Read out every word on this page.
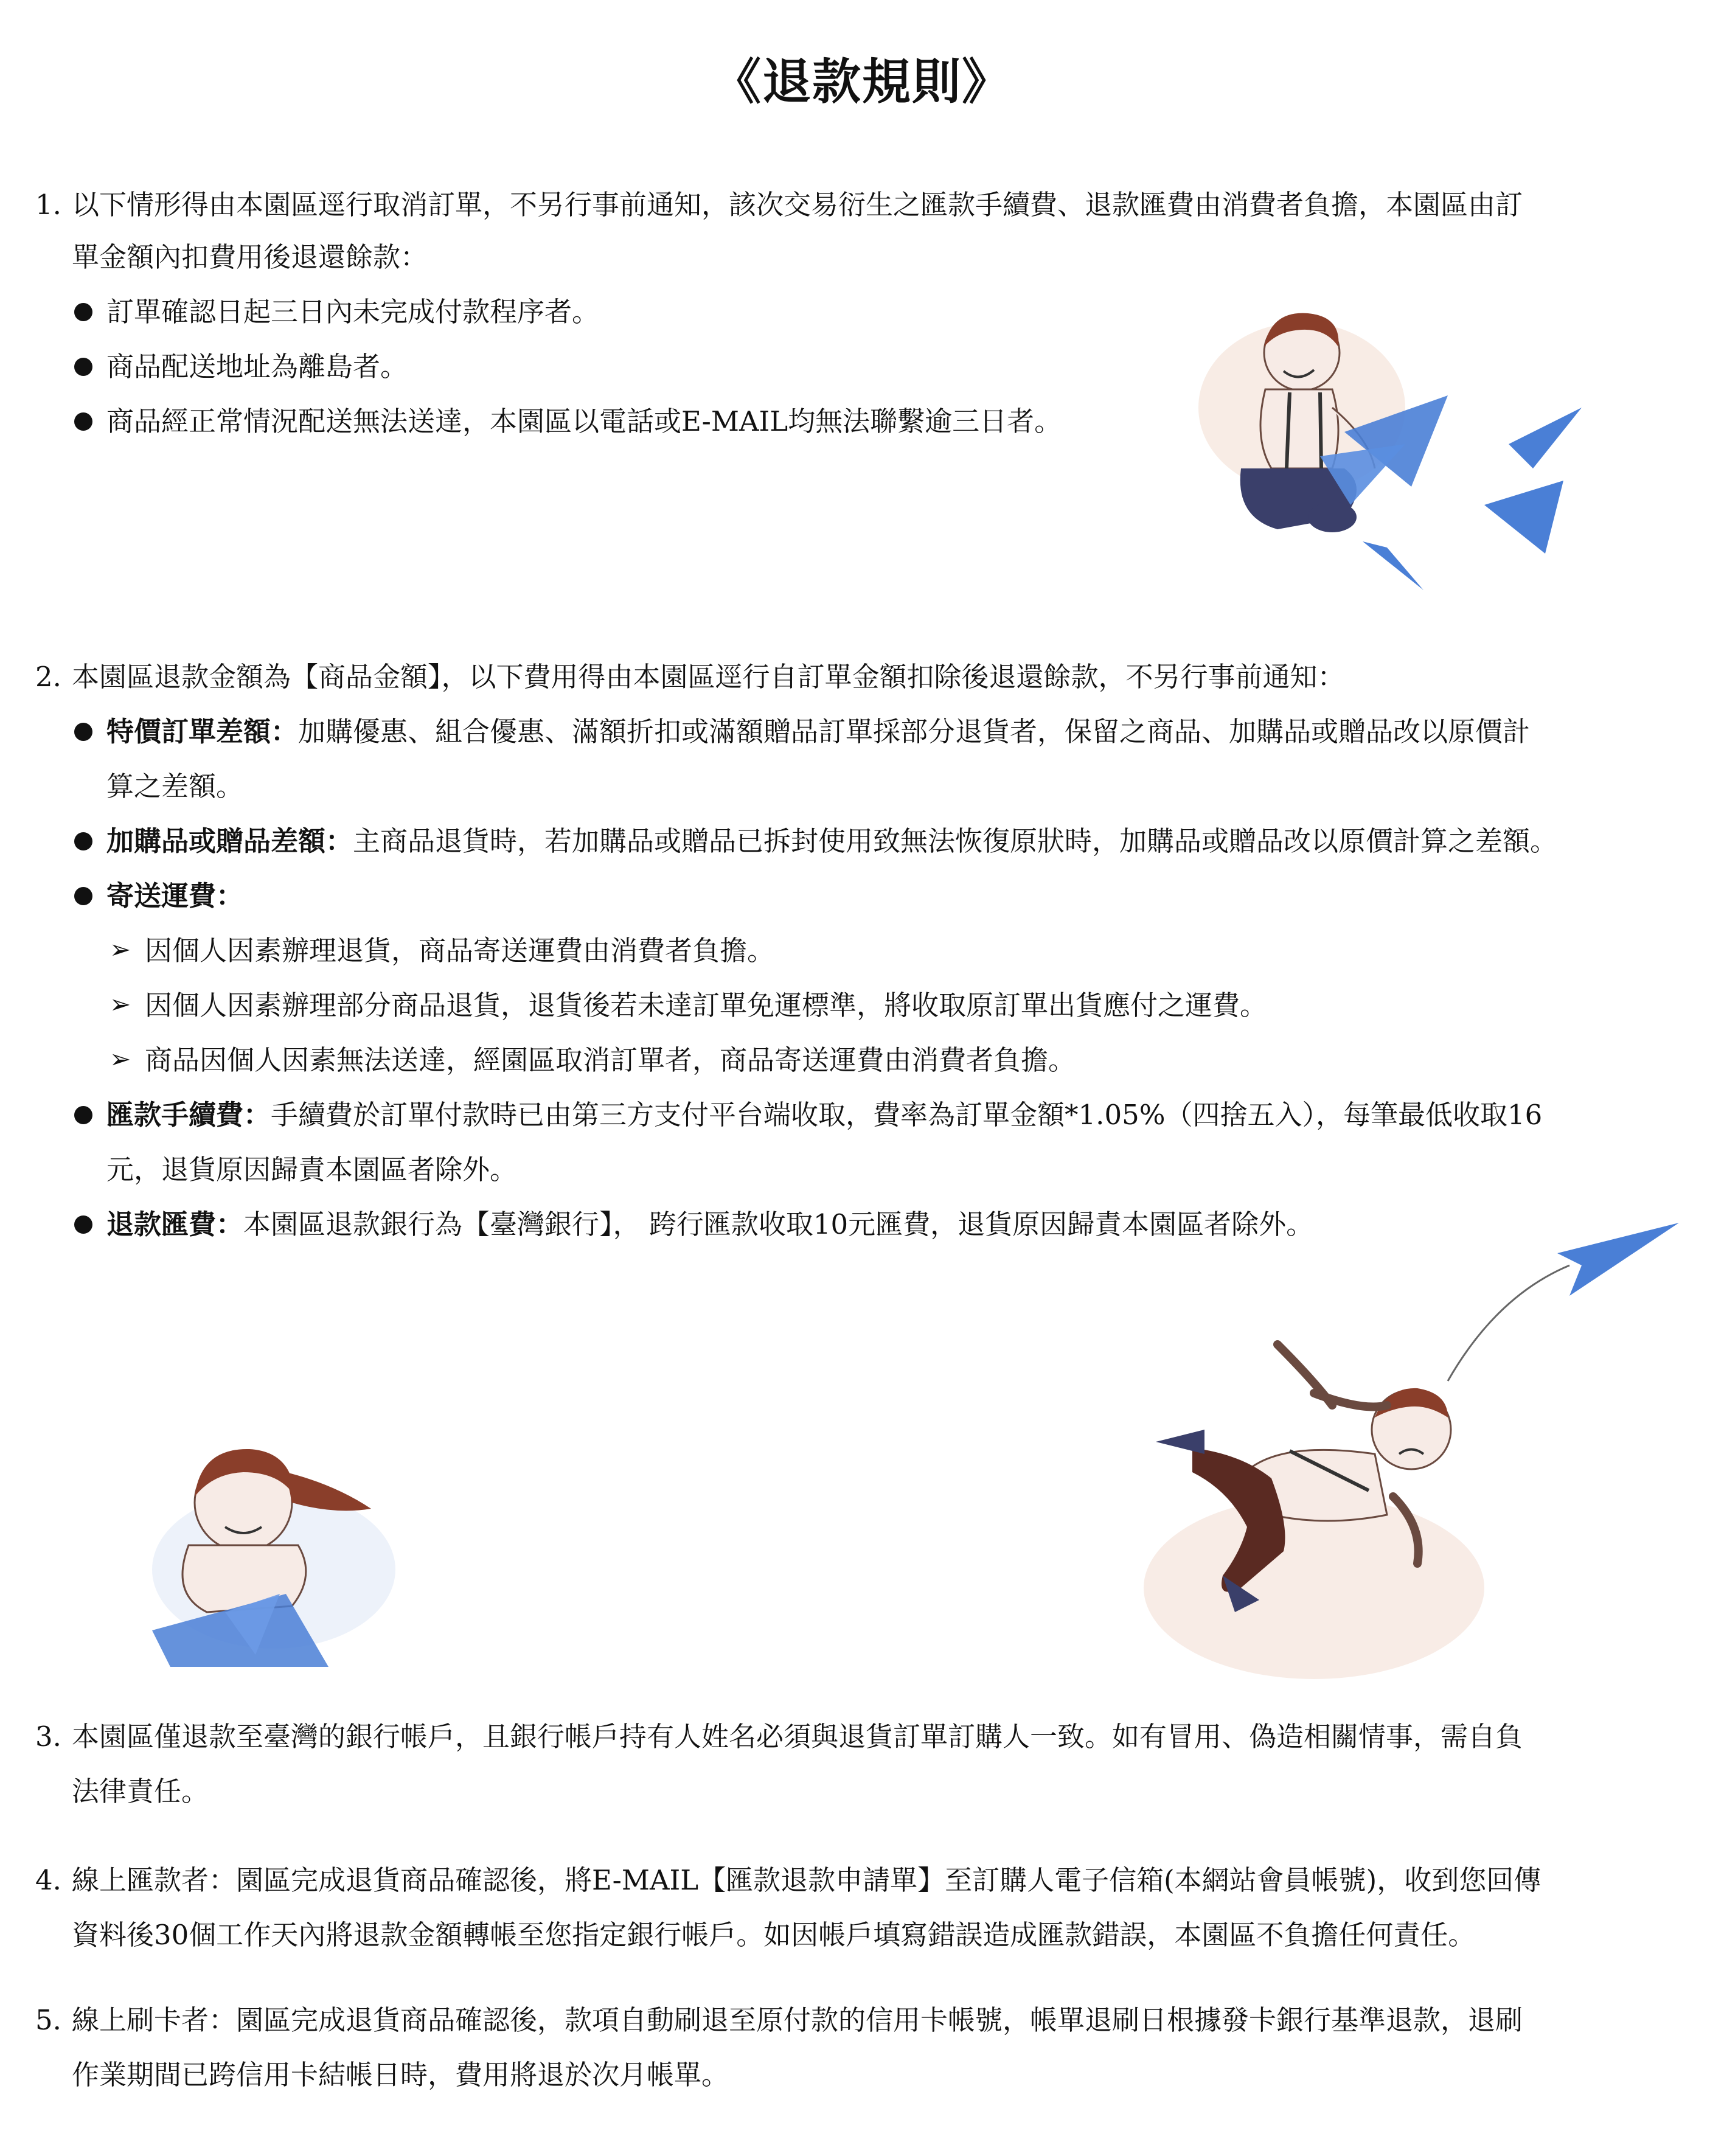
《退款規則》
1. 以下情形得由本園區逕行取消訂單，不另行事前通知，該次交易衍生之匯款手續費、退款匯費由消費者負擔，本園區由訂
單金額內扣費用後退還餘款：
訂單確認日起三日內未完成付款程序者。
商品配送地址為離島者。
商品經正常情況配送無法送達，本園區以電話或E-MAIL均無法聯繫逾三日者。
2. 本園區退款金額為【商品金額】，以下費用得由本園區逕行自訂單金額扣除後退還餘款，不另行事前通知：
特價訂單差額：加購優惠、組合優惠、滿額折扣或滿額贈品訂單採部分退貨者，保留之商品、加購品或贈品改以原價計
算之差額。
加購品或贈品差額：主商品退貨時，若加購品或贈品已拆封使用致無法恢復原狀時，加購品或贈品改以原價計算之差額。
寄送運費：
➢ 因個人因素辦理退貨，商品寄送運費由消費者負擔。
➢ 因個人因素辦理部分商品退貨，退貨後若未達訂單免運標準，將收取原訂單出貨應付之運費。
➢ 商品因個人因素無法送達，經園區取消訂單者，商品寄送運費由消費者負擔。
匯款手續費：手續費於訂單付款時已由第三方支付平台端收取，費率為訂單金額*1.05%（四捨五入），每筆最低收取16
元，退貨原因歸責本園區者除外。
退款匯費：本園區退款銀行為【臺灣銀行】， 跨行匯款收取10元匯費，退貨原因歸責本園區者除外。
3. 本園區僅退款至臺灣的銀行帳戶，且銀行帳戶持有人姓名必須與退貨訂單訂購人一致。如有冒用、偽造相關情事，需自負
法律責任。
4. 線上匯款者：園區完成退貨商品確認後，將E-MAIL【匯款退款申請單】至訂購人電子信箱(本網站會員帳號)，收到您回傳
資料後30個工作天內將退款金額轉帳至您指定銀行帳戶。如因帳戶填寫錯誤造成匯款錯誤，本園區不負擔任何責任。
5. 線上刷卡者：園區完成退貨商品確認後，款項自動刷退至原付款的信用卡帳號，帳單退刷日根據發卡銀行基準退款，退刷
作業期間已跨信用卡結帳日時，費用將退於次月帳單。
